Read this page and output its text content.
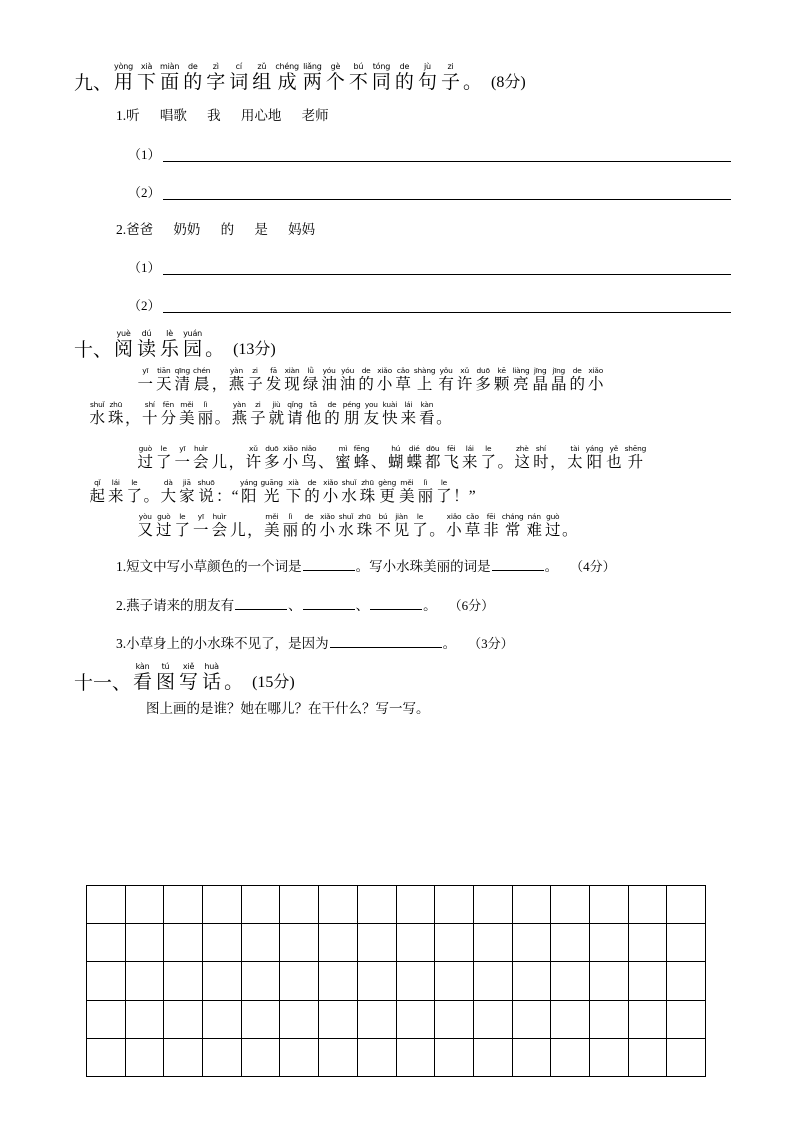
九、
yòng
用
xià
下
miàn
面
de
的
zì
字
cí
词
zǔ
组
chéng
成
liǎng
两
gè
个
bú
不
tóng
同
de
的
jù
句
zi
子 。 (8分)
1.听      唱歌      我      用心地      老师
（1）
（2）
2.爸爸      奶奶      的      是      妈妈
（1）
（2）
十、
yuè
阅
dú
读
lè
乐
yuán
园 。 (13分)
yī
一
tiān
天
qīng
清
chén
晨 ，
yàn
燕
zi
子
fā
发
xiàn
现
lǜ
绿
yóu
油
yóu
油
de
的
xiǎo
小
cǎo
草
shàng
上
yǒu
有
xǔ
许
duō
多
kē
颗
liàng
亮
jīng
晶
jīng
晶
de
的
xiǎo
小
shuǐ
水
zhū
珠 ，
shí
十
fēn
分
měi
美
lì
丽 。
yàn
燕
zi
子
jiù
就
qǐng
请
tā
他
de
的
péng
朋
you
友
kuài
快
lái
来
kàn
看 。
guò
过
le
了
yī
一
huìr
会 儿 ，
xǔ
许
duō
多
xiǎo
小
niǎo
鸟 、
mì
蜜
fēng
蜂 、
hú
蝴
dié
蝶
dōu
都
fēi
飞
lái
来
le
了 。
zhè
这
shí
时 ，
tài
太
yáng
阳
yě
也
shēng
升
qǐ
起
lái
来
le
了 。
dà
大
jiā
家
shuō
说 ： “
yáng
阳
guāng
光
xià
下
de
的
xiǎo
小
shuǐ
水
zhū
珠
gèng
更
měi
美
lì
丽
le
了 ！ ”
yòu
又
guò
过
le
了
yī
一
huìr
会 儿 ，
měi
美
lì
丽
de
的
xiǎo
小
shuǐ
水
zhū
珠
bú
不
jiàn
见
le
了 。
xiǎo
小
cǎo
草
fēi
非
cháng
常
nán
难
guò
过 。
1.短文中写小草颜色的一个词是	。写小水珠美丽的词是	。 （4分）
2.燕子请来的朋友有	、	、	。 （6分）
3.小草身上的小水珠不见了，是因为	。 （3分）
十一、
kàn
看
tú
图
xiě
写
huà
话 。 (15分)
图上画的是谁？她在哪儿？在干什么？写一写。
